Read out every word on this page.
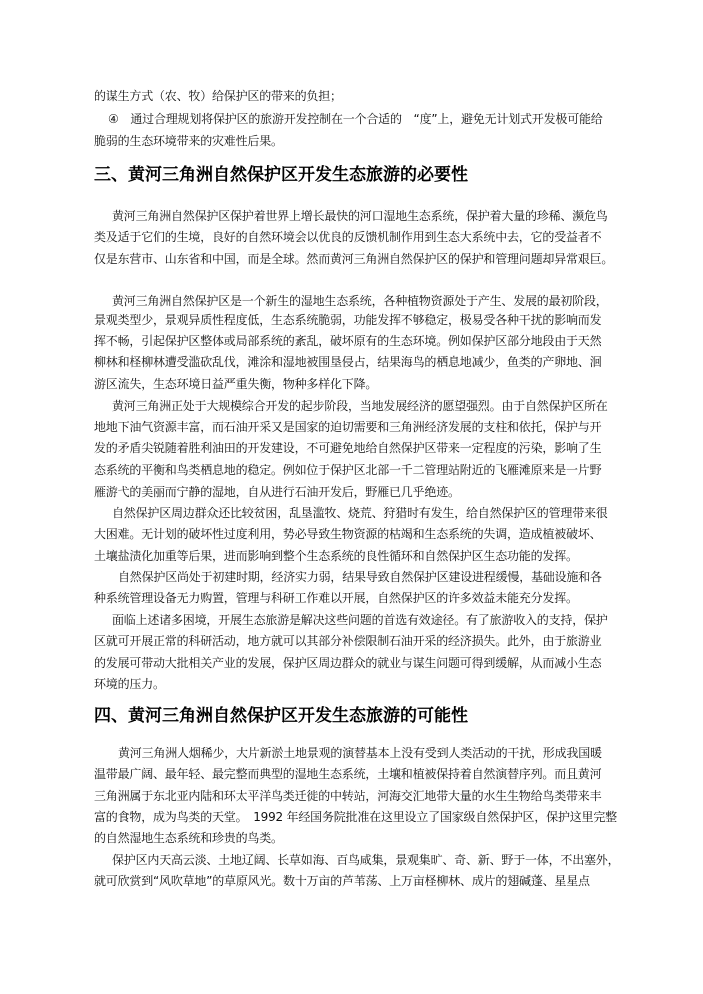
的谋生方式（农、牧）给保护区的带来的负担；
④　通过合理规划将保护区的旅游开发控制在一个合适的　“度”上，避免无计划式开发极可能给
脆弱的生态环境带来的灾难性后果。
三、黄河三角洲自然保护区开发生态旅游的必要性
黄河三角洲自然保护区保护着世界上增长最快的河口湿地生态系统，保护着大量的珍稀、濒危鸟
类及适于它们的生境，良好的自然环境会以优良的反馈机制作用到生态大系统中去，它的受益者不
仅是东营市、山东省和中国，而是全球。然而黄河三角洲自然保护区的保护和管理问题却异常艰巨。
黄河三角洲自然保护区是一个新生的湿地生态系统，各种植物资源处于产生、发展的最初阶段，
景观类型少，景观异质性程度低，生态系统脆弱，功能发挥不够稳定，极易受各种干扰的影响而发
挥不畅，引起保护区整体或局部系统的紊乱，破坏原有的生态环境。例如保护区部分地段由于天然
柳林和柽柳林遭受滥砍乱伐，滩涂和湿地被围垦侵占，结果海鸟的栖息地减少，鱼类的产卵地、洄
游区流失，生态环境日益严重失衡，物种多样化下降。
黄河三角洲正处于大规模综合开发的起步阶段，当地发展经济的愿望强烈。由于自然保护区所在
地地下油气资源丰富，而石油开采又是国家的迫切需要和三角洲经济发展的支柱和依托，保护与开
发的矛盾尖锐随着胜利油田的开发建设，不可避免地给自然保护区带来一定程度的污染，影响了生
态系统的平衡和鸟类栖息地的稳定。例如位于保护区北部一千二管理站附近的飞雁滩原来是一片野
雁游弋的美丽而宁静的湿地，自从进行石油开发后，野雁已几乎绝迹。
自然保护区周边群众还比较贫困，乱垦滥牧、烧荒、狩猎时有发生，给自然保护区的管理带来很
大困难。无计划的破坏性过度利用，势必导致生物资源的枯竭和生态系统的失调，造成植被破坏、
土壤盐渍化加重等后果，进而影响到整个生态系统的良性循环和自然保护区生态功能的发挥。
自然保护区尚处于初建时期，经济实力弱，结果导致自然保护区建设进程缓慢，基础设施和各
种系统管理设备无力购置，管理与科研工作难以开展，自然保护区的许多效益未能充分发挥。
面临上述诸多困境，开展生态旅游是解决这些问题的首选有效途径。有了旅游收入的支持，保护
区就可开展正常的科研活动，地方就可以其部分补偿限制石油开采的经济损失。此外，由于旅游业
的发展可带动大批相关产业的发展，保护区周边群众的就业与谋生问题可得到缓解，从而减小生态
环境的压力。
四、黄河三角洲自然保护区开发生态旅游的可能性
黄河三角洲人烟稀少，大片新淤土地景观的演替基本上没有受到人类活动的干扰，形成我国暖
温带最广阔、最年轻、最完整而典型的湿地生态系统，土壤和植被保持着自然演替序列。而且黄河
三角洲属于东北亚内陆和环太平洋鸟类迁徙的中转站，河海交汇地带大量的水生生物给鸟类带来丰
富的食物，成为鸟类的天堂。　1992 年经国务院批准在这里设立了国家级自然保护区，保护这里完整
的自然湿地生态系统和珍贵的鸟类。
保护区内天高云淡、土地辽阔、长草如海、百鸟咸集，景观集旷、奇、新、野于一体，不出塞外，
就可欣赏到“风吹草地”的草原风光。数十万亩的芦苇荡、上万亩柽柳林、成片的翅碱蓬、星星点
